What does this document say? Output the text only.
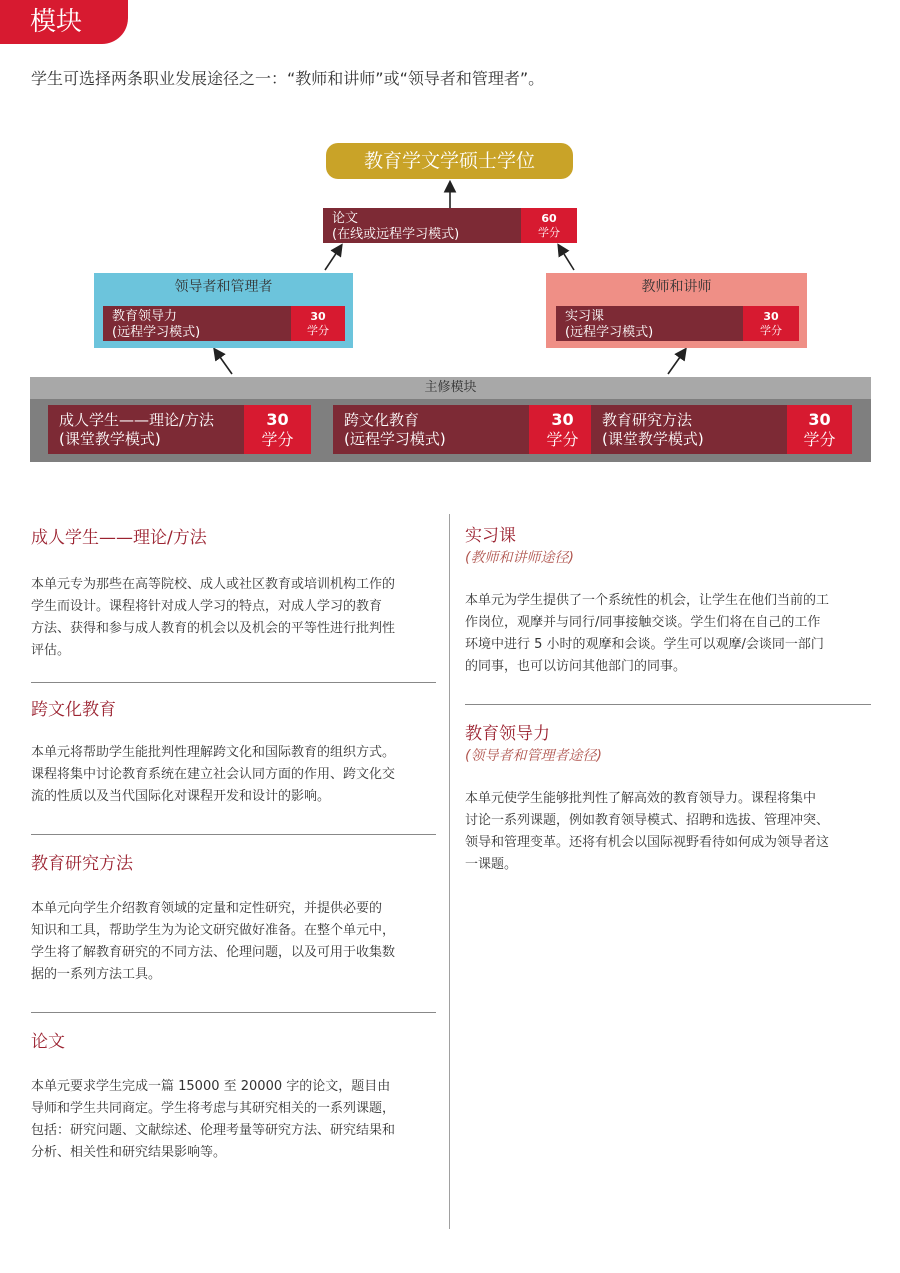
模块
学生可选择两条职业发展途径之一：“教师和讲师”或“领导者和管理者”。
教育学文学硕士学位
论文
(在线或远程学习模式)
60
学分
领导者和管理者
教育领导力
(远程学习模式)
30
学分
教师和讲师
实习课
(远程学习模式)
30
学分
主修模块
成人学生——理论/方法
(课堂教学模式)
30
学分
跨文化教育
(远程学习模式)
30
学分
教育研究方法
(课堂教学模式)
30
学分
成人学生——理论/方法

本单元专为那些在高等院校、成人或社区教育或培训机构工作的

学生而设计。课程将针对成人学习的特点，对成人学习的教育

方法、获得和参与成人教育的机会以及机会的平等性进行批判性

评估。

跨文化教育

本单元将帮助学生能批判性理解跨文化和国际教育的组织方式。

课程将集中讨论教育系统在建立社会认同方面的作用、跨文化交

流的性质以及当代国际化对课程开发和设计的影响。

教育研究方法

本单元向学生介绍教育领域的定量和定性研究，并提供必要的

知识和工具，帮助学生为为论文研究做好准备。在整个单元中，

学生将了解教育研究的不同方法、伦理问题，以及可用于收集数

据的一系列方法工具。

论文

本单元要求学生完成一篇 15000 至 20000 字的论文，题目由

导师和学生共同商定。学生将考虑与其研究相关的一系列课题，

包括：研究问题、文献综述、伦理考量等研究方法、研究结果和

分析、相关性和研究结果影响等。

实习课
(教师和讲师途径)

本单元为学生提供了一个系统性的机会，让学生在他们当前的工

作岗位，观摩并与同行/同事接触交谈。学生们将在自己的工作

环境中进行 5 小时的观摩和会谈。学生可以观摩/会谈同一部门

的同事，也可以访问其他部门的同事。

教育领导力
(领导者和管理者途径)

本单元使学生能够批判性了解高效的教育领导力。课程将集中

讨论一系列课题，例如教育领导模式、招聘和选拔、管理冲突、

领导和管理变革。还将有机会以国际视野看待如何成为领导者这

一课题。
